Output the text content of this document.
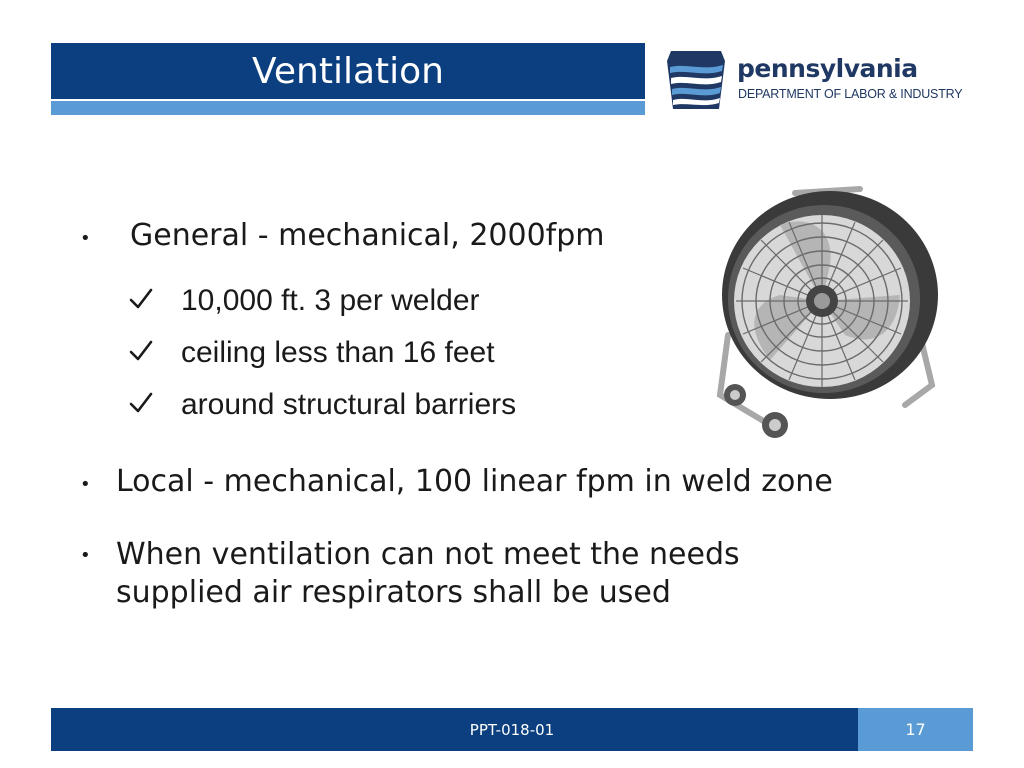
Ventilation	pennsylvania
DEPARTMENT OF LABOR & INDUSTRY
• General - mechanical, 2000fpm
10,000 ft. 3 per welder
ceiling less than 16 feet
around structural barriers
• Local - mechanical, 100 linear fpm in weld zone
• When ventilation can not meet the needs
supplied air respirators shall be used
PPT-018-01	17
